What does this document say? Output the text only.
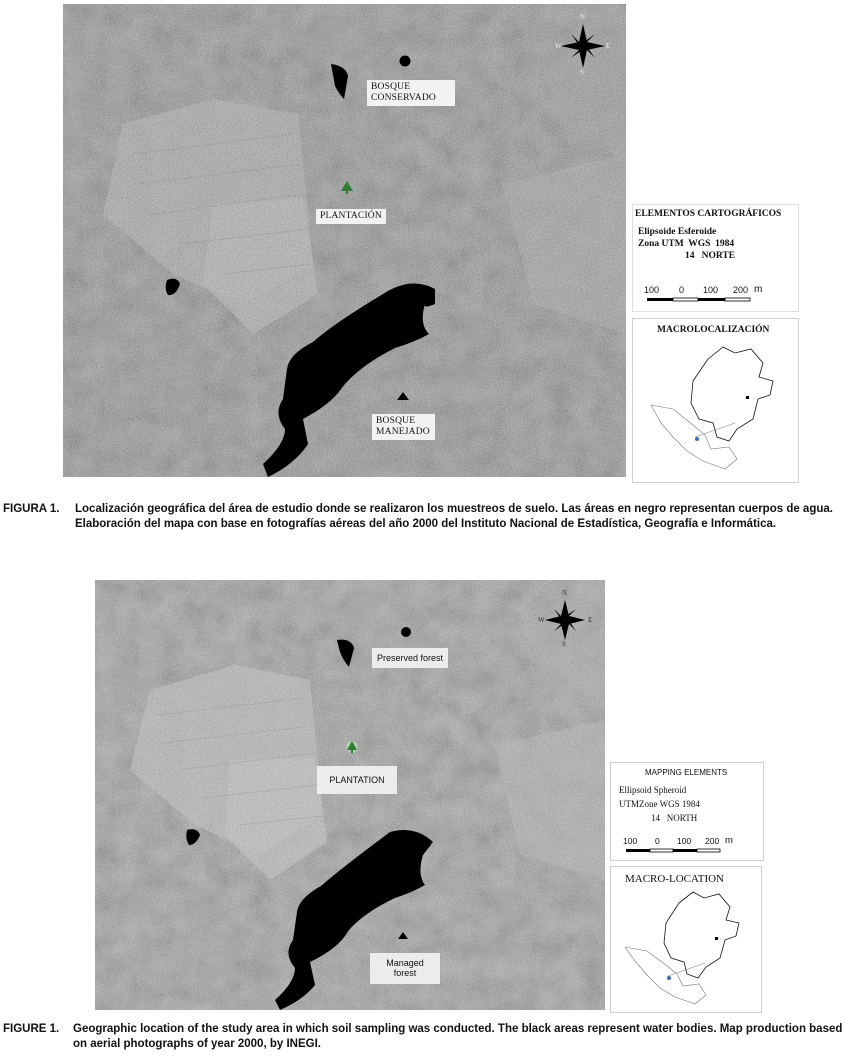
N
S
W	E
BOSQUE CONSERVADO
PLANTACIÓN
BOSQUE MANEJADO
ELEMENTOS CARTOGRÁFICOS
Elipsoide Esferoide
Zona UTM  WGS  1984
14   NORTE
100 0 100 200 m
MACROLOCALIZACIÓN
FIGURA 1. Localización geográfica del área de estudio donde se realizaron los muestreos de suelo. Las áreas en negro representan cuerpos de agua. Elaboración del mapa con base en fotografías aéreas del año 2000 del Instituto Nacional de Estadística, Geografía e Informática.
N
S
W	E
Preserved forest
PLANTATION
Managed forest
MAPPING ELEMENTS
Ellipsoid Spheroid
UTMZone WGS 1984
14   NORTH
100 0 100 200 m
MACRO-LOCATION
FIGURE 1. Geographic location of the study area in which soil sampling was conducted. The black areas represent water bodies. Map production based on aerial photographs of year 2000, by INEGI.
